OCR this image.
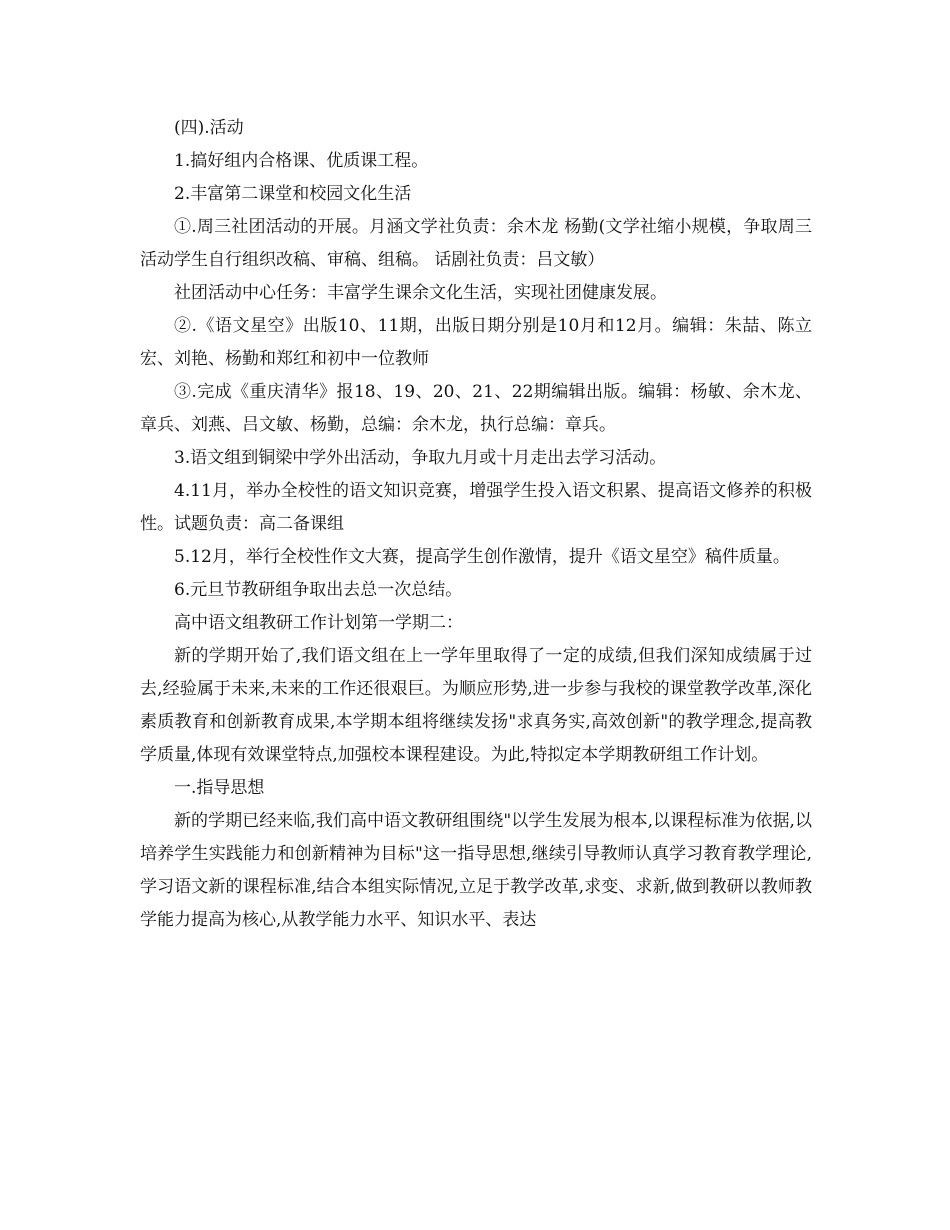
(四).活动

1.搞好组内合格课、优质课工程。

2.丰富第二课堂和校园文化生活

①.周三社团活动的开展。月涵文学社负责：余木龙 杨勤(文学社缩小规模，争取周三活动学生自行组织改稿、审稿、组稿。 话剧社负责：吕文敏）

社团活动中心任务：丰富学生课余文化生活，实现社团健康发展。

②.《语文星空》出版10、11期，出版日期分别是10月和12月。编辑：朱喆、陈立宏、刘艳、杨勤和郑红和初中一位教师

③.完成《重庆清华》报18、19、20、21、22期编辑出版。编辑：杨敏、余木龙、章兵、刘燕、吕文敏、杨勤，总编：余木龙，执行总编：章兵。

3.语文组到铜梁中学外出活动，争取九月或十月走出去学习活动。

4.11月，举办全校性的语文知识竞赛，增强学生投入语文积累、提高语文修养的积极性。试题负责：高二备课组

5.12月，举行全校性作文大赛，提高学生创作激情，提升《语文星空》稿件质量。

6.元旦节教研组争取出去总一次总结。

高中语文组教研工作计划第一学期二：

新的学期开始了,我们语文组在上一学年里取得了一定的成绩,但我们深知成绩属于过去,经验属于未来,未来的工作还很艰巨。为顺应形势,进一步参与我校的课堂教学改革,深化素质教育和创新教育成果,本学期本组将继续发扬"求真务实,高效创新"的教学理念,提高教学质量,体现有效课堂特点,加强校本课程建设。为此,特拟定本学期教研组工作计划。

一.指导思想

新的学期已经来临,我们高中语文教研组围绕"以学生发展为根本,以课程标准为依据,以培养学生实践能力和创新精神为目标"这一指导思想,继续引导教师认真学习教育教学理论,学习语文新的课程标准,结合本组实际情况,立足于教学改革,求变、求新,做到教研以教师教学能力提高为核心,从教学能力水平、知识水平、表达
